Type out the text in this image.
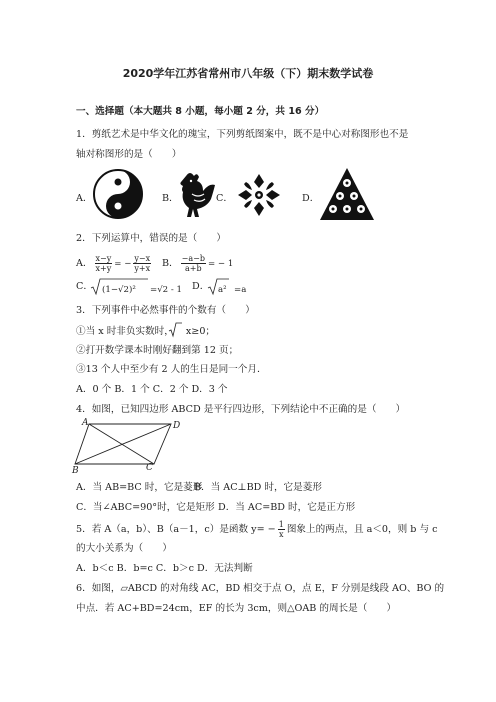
2020学年江苏省常州市八年级（下）期末数学试卷
一、选择题（本大题共 8 小题，每小题 2 分，共 16 分）
1．剪纸艺术是中华文化的瑰宝，下列剪纸图案中，既不是中心对称图形也不是
轴对称图形的是（　　）
A．	B．	C．	D．
2．下列运算中，错误的是（　　）
A． $\frac{x-y}{x+y}$ = − $\frac{y-x}{y+x}$ B． $\frac{-a-b}{a+b}$ = − 1
C． (1−√2)² =√2 - 1 D． a² =a
3．下列事件中必然事件的个数有（　　）
①当 x 时非负实数时， x≥0；
②打开数学课本时刚好翻到第 12 页；
③13 个人中至少有 2 人的生日是同一个月．
A．0 个 B．1 个 C．2 个 D．3 个
4．如图，已知四边形 ABCD 是平行四边形，下列结论中不正确的是（　　）
A	D
B	C
A．当 AB=BC 时，它是菱形
B．当 AC⊥BD 时，它是菱形
C．当∠ABC=90°时，它是矩形 D．当 AC=BD 时，它是正方形
5．若 A（a，b）、B（a－1，c）是函数 $y= - \frac{1}{x}$ 图象上的两点，且 a＜0，则 b 与 c
的大小关系为（　　）
A．b＜c B．b=c C．b＞c D．无法判断
6．如图，▱ABCD 的对角线 AC，BD 相交于点 O，点 E，F 分别是线段 AO、BO 的
中点．若 AC+BD=24cm，EF 的长为 3cm，则△OAB 的周长是（　　）
